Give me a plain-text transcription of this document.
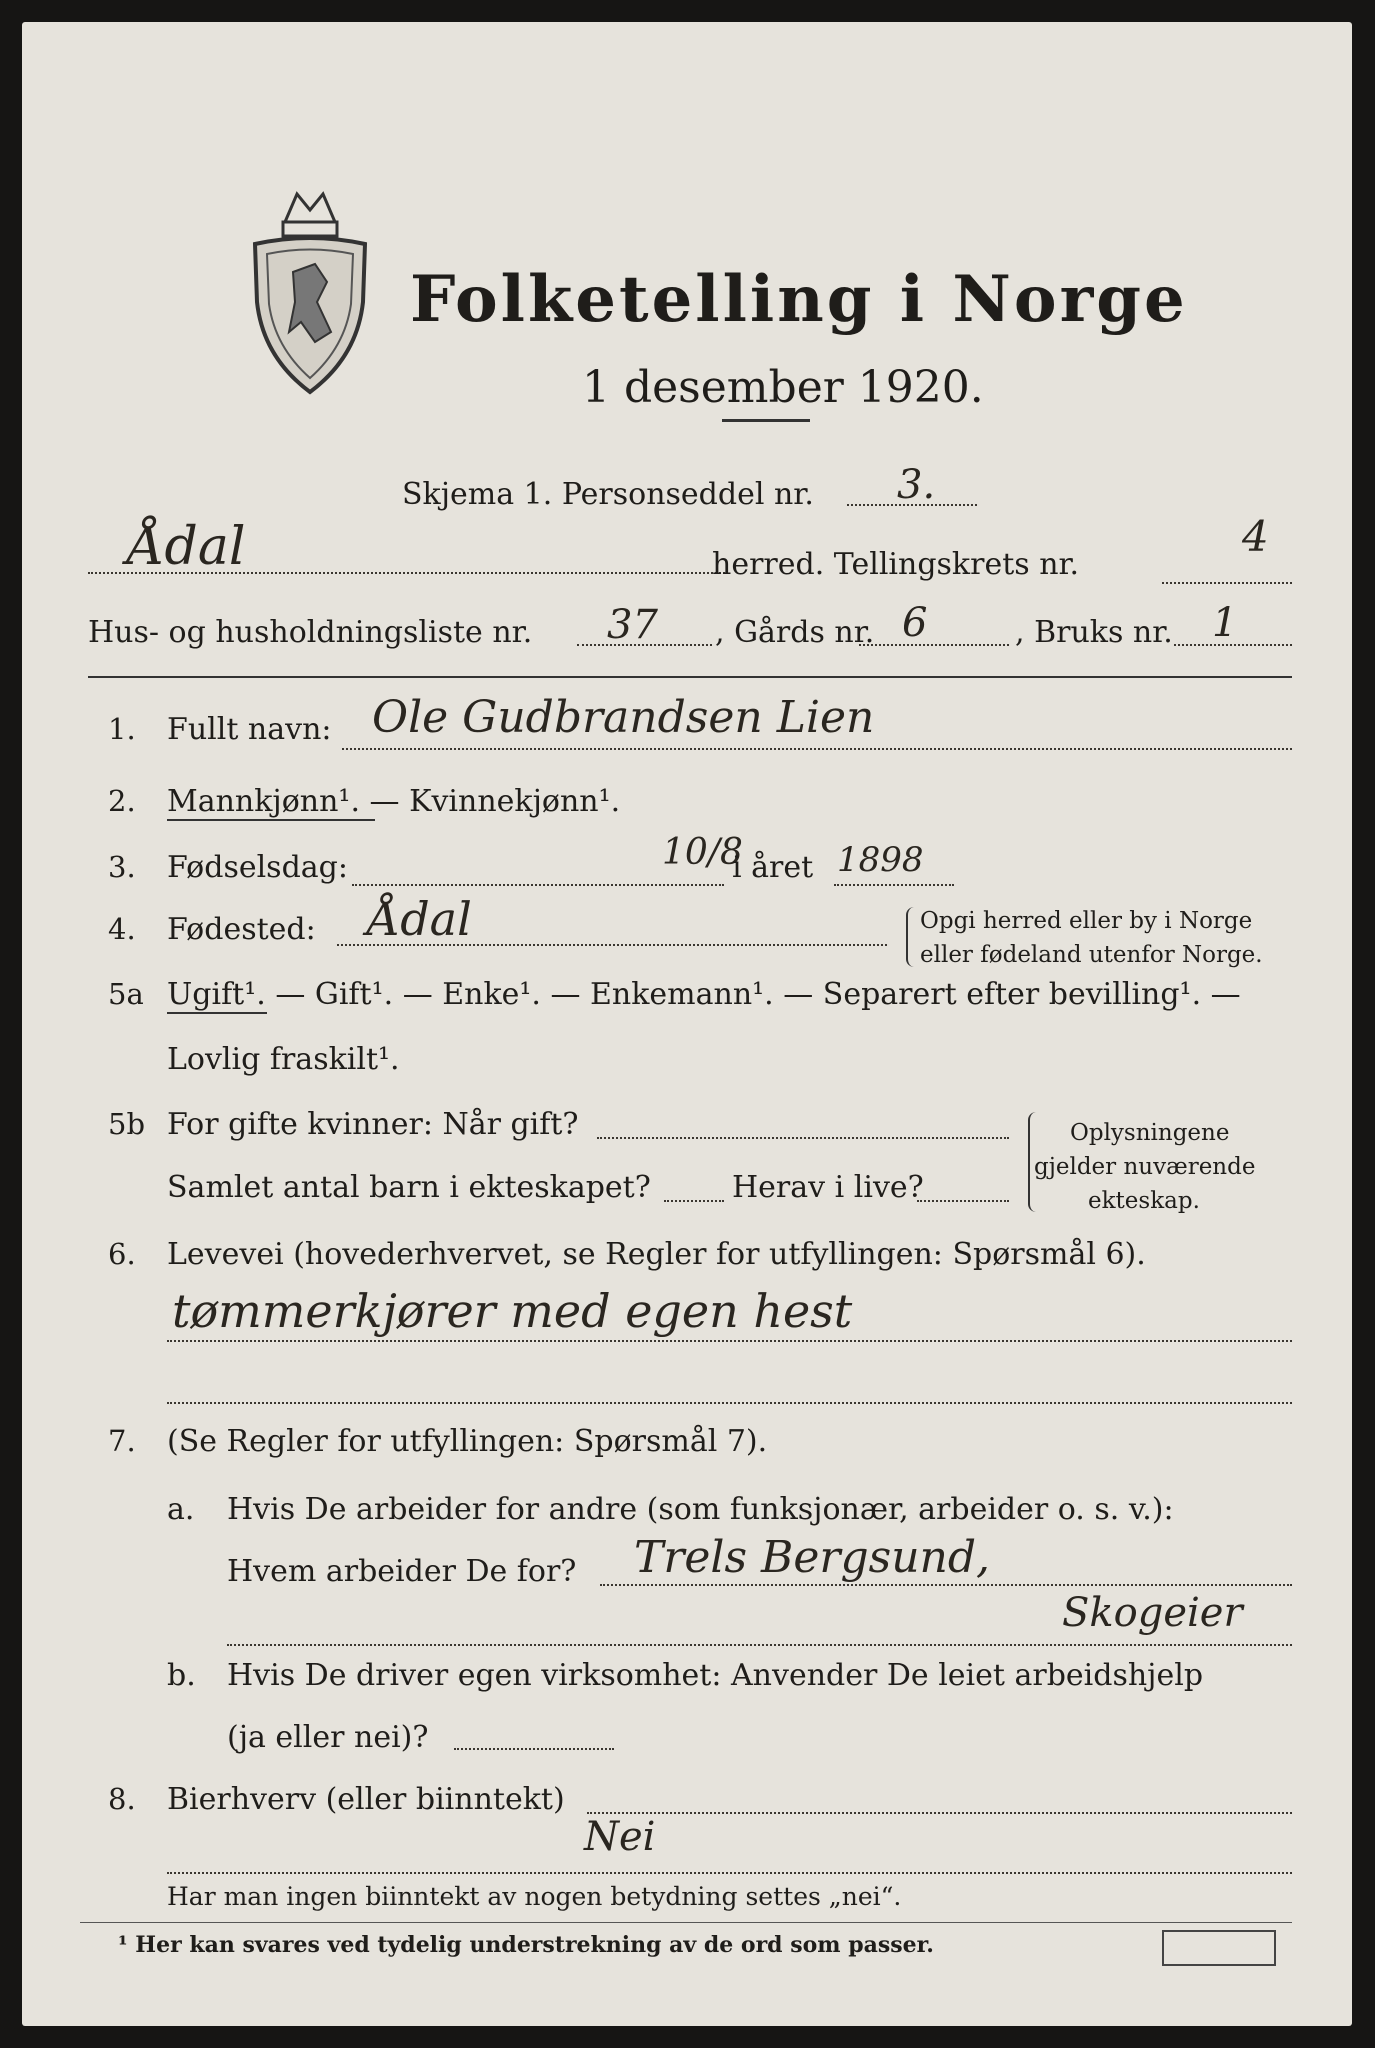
Folketelling i Norge
1 desember 1920.
Skjema 1. Personseddel nr. 3.
Ådal	herred. Tellingskrets nr.
4
Hus- og husholdningsliste nr. 37 , Gårds nr. 6	, Bruks nr. 1
1. Fullt navn: Ole Gudbrandsen Lien
2. Mannkjønn¹. — Kvinnekjønn¹.
3. Fødselsdag:	10/8
i året 1898
4. Fødested: Ådal	Opgi herred eller by i Norge
eller fødeland utenfor Norge.
5a Ugift¹. — Gift¹. — Enke¹. — Enkemann¹. — Separert efter bevilling¹. —
Lovlig fraskilt¹.
5b For gifte kvinner: Når gift?
Samlet antal barn i ekteskapet?	Herav i live?
Oplysningene
gjelder nuværende
ekteskap.
6. Levevei (hovederhvervet, se Regler for utfyllingen: Spørsmål 6).
tømmerkjører med egen hest
7. (Se Regler for utfyllingen: Spørsmål 7).
a. Hvis De arbeider for andre (som funksjonær, arbeider o. s. v.):
Hvem arbeider De for? Trels Bergsund,
Skogeier
b. Hvis De driver egen virksomhet: Anvender De leiet arbeidshjelp
(ja eller nei)?
8. Bierhverv (eller biinntekt)
Nei
Har man ingen biinntekt av nogen betydning settes „nei“.
¹ Her kan svares ved tydelig understrekning av de ord som passer.
